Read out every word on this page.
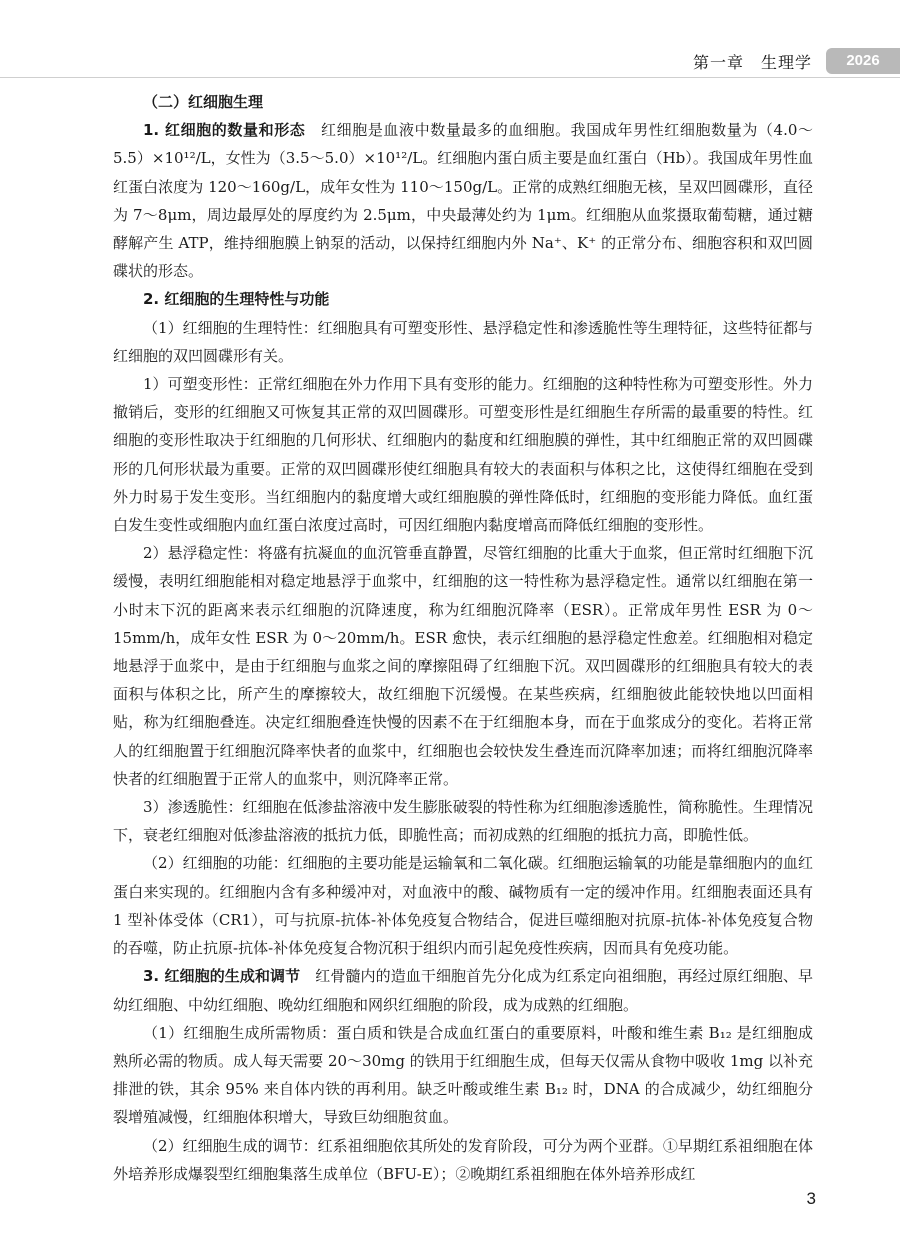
第一章　生理学	2026

（二）红细胞生理

1. 红细胞的数量和形态　红细胞是血液中数量最多的血细胞。我国成年男性红细胞数量为（4.0～5.5）×10¹²/L，女性为（3.5～5.0）×10¹²/L。红细胞内蛋白质主要是血红蛋白（Hb）。我国成年男性血红蛋白浓度为 120～160g/L，成年女性为 110～150g/L。正常的成熟红细胞无核，呈双凹圆碟形，直径为 7～8μm，周边最厚处的厚度约为 2.5μm，中央最薄处约为 1μm。红细胞从血浆摄取葡萄糖，通过糖酵解产生 ATP，维持细胞膜上钠泵的活动，以保持红细胞内外 Na⁺、K⁺ 的正常分布、细胞容积和双凹圆碟状的形态。

2. 红细胞的生理特性与功能

（1）红细胞的生理特性：红细胞具有可塑变形性、悬浮稳定性和渗透脆性等生理特征，这些特征都与红细胞的双凹圆碟形有关。

1）可塑变形性：正常红细胞在外力作用下具有变形的能力。红细胞的这种特性称为可塑变形性。外力撤销后，变形的红细胞又可恢复其正常的双凹圆碟形。可塑变形性是红细胞生存所需的最重要的特性。红细胞的变形性取决于红细胞的几何形状、红细胞内的黏度和红细胞膜的弹性，其中红细胞正常的双凹圆碟形的几何形状最为重要。正常的双凹圆碟形使红细胞具有较大的表面积与体积之比，这使得红细胞在受到外力时易于发生变形。当红细胞内的黏度增大或红细胞膜的弹性降低时，红细胞的变形能力降低。血红蛋白发生变性或细胞内血红蛋白浓度过高时，可因红细胞内黏度增高而降低红细胞的变形性。

2）悬浮稳定性：将盛有抗凝血的血沉管垂直静置，尽管红细胞的比重大于血浆，但正常时红细胞下沉缓慢，表明红细胞能相对稳定地悬浮于血浆中，红细胞的这一特性称为悬浮稳定性。通常以红细胞在第一小时末下沉的距离来表示红细胞的沉降速度，称为红细胞沉降率（ESR）。正常成年男性 ESR 为 0～15mm/h，成年女性 ESR 为 0～20mm/h。ESR 愈快，表示红细胞的悬浮稳定性愈差。红细胞相对稳定地悬浮于血浆中，是由于红细胞与血浆之间的摩擦阻碍了红细胞下沉。双凹圆碟形的红细胞具有较大的表面积与体积之比，所产生的摩擦较大，故红细胞下沉缓慢。在某些疾病，红细胞彼此能较快地以凹面相贴，称为红细胞叠连。决定红细胞叠连快慢的因素不在于红细胞本身，而在于血浆成分的变化。若将正常人的红细胞置于红细胞沉降率快者的血浆中，红细胞也会较快发生叠连而沉降率加速；而将红细胞沉降率快者的红细胞置于正常人的血浆中，则沉降率正常。

3）渗透脆性：红细胞在低渗盐溶液中发生膨胀破裂的特性称为红细胞渗透脆性，简称脆性。生理情况下，衰老红细胞对低渗盐溶液的抵抗力低，即脆性高；而初成熟的红细胞的抵抗力高，即脆性低。

（2）红细胞的功能：红细胞的主要功能是运输氧和二氧化碳。红细胞运输氧的功能是靠细胞内的血红蛋白来实现的。红细胞内含有多种缓冲对，对血液中的酸、碱物质有一定的缓冲作用。红细胞表面还具有 1 型补体受体（CR1），可与抗原-抗体-补体免疫复合物结合，促进巨噬细胞对抗原-抗体-补体免疫复合物的吞噬，防止抗原-抗体-补体免疫复合物沉积于组织内而引起免疫性疾病，因而具有免疫功能。

3. 红细胞的生成和调节　红骨髓内的造血干细胞首先分化成为红系定向祖细胞，再经过原红细胞、早幼红细胞、中幼红细胞、晚幼红细胞和网织红细胞的阶段，成为成熟的红细胞。

（1）红细胞生成所需物质：蛋白质和铁是合成血红蛋白的重要原料，叶酸和维生素 B₁₂ 是红细胞成熟所必需的物质。成人每天需要 20～30mg 的铁用于红细胞生成，但每天仅需从食物中吸收 1mg 以补充排泄的铁，其余 95% 来自体内铁的再利用。缺乏叶酸或维生素 B₁₂ 时，DNA 的合成减少，幼红细胞分裂增殖减慢，红细胞体积增大，导致巨幼细胞贫血。

（2）红细胞生成的调节：红系祖细胞依其所处的发育阶段，可分为两个亚群。①早期红系祖细胞在体外培养形成爆裂型红细胞集落生成单位（BFU-E）；②晚期红系祖细胞在体外培养形成红

3
